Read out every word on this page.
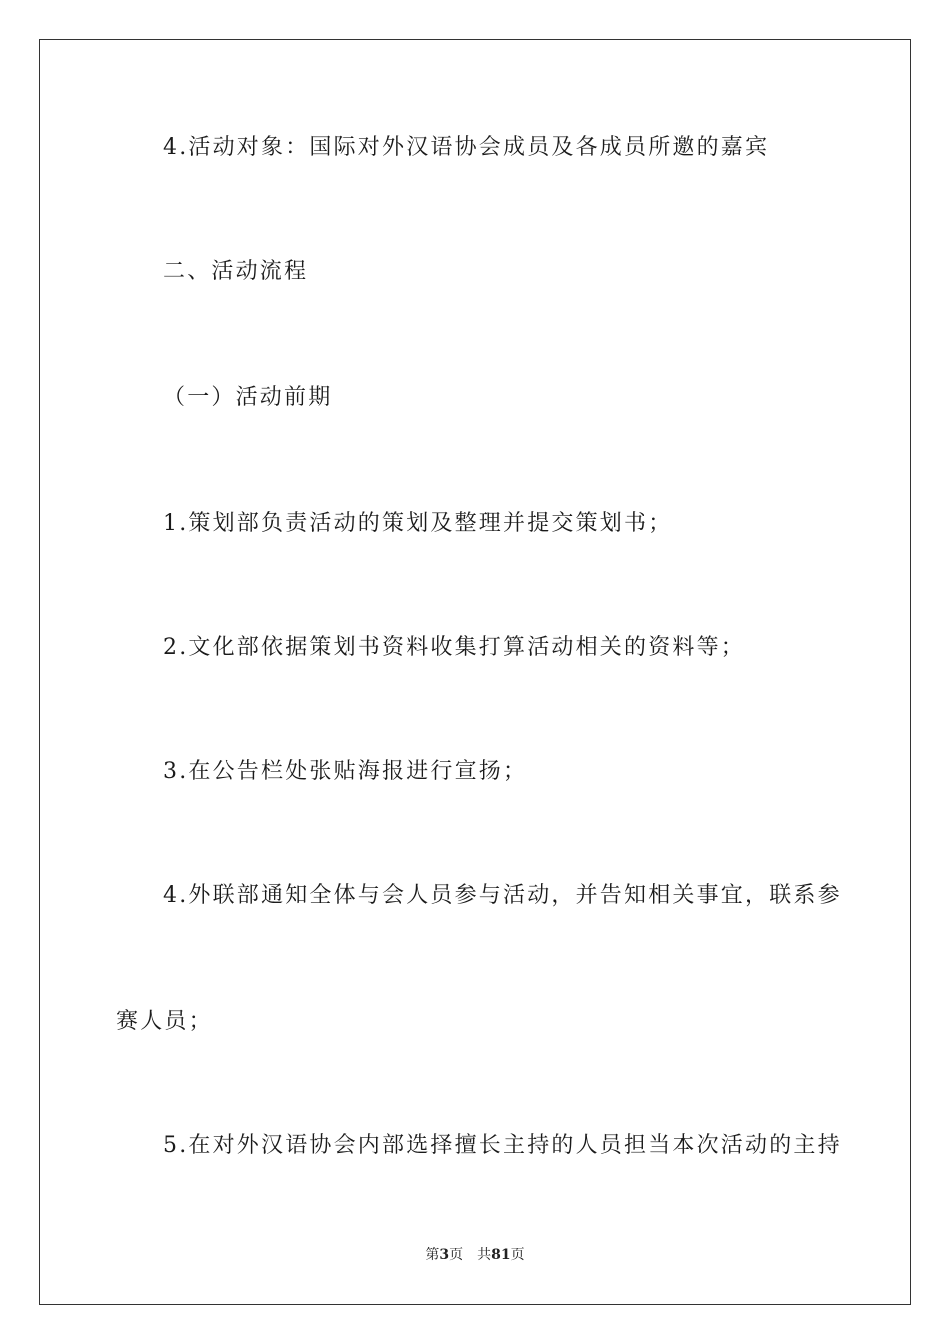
4.活动对象：国际对外汉语协会成员及各成员所邀的嘉宾
二、活动流程
（一）活动前期
1.策划部负责活动的策划及整理并提交策划书；
2.文化部依据策划书资料收集打算活动相关的资料等；
3.在公告栏处张贴海报进行宣扬；
4.外联部通知全体与会人员参与活动，并告知相关事宜，联系参
赛人员；
5.在对外汉语协会内部选择擅长主持的人员担当本次活动的主持
第3页 共81页
